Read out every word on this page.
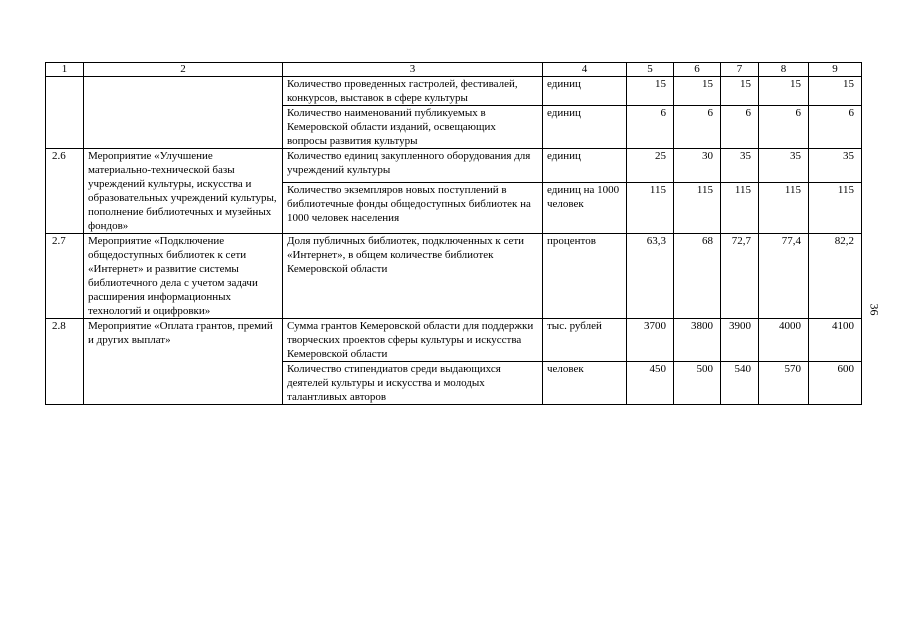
1	2	3	4	5	6	7	8	9
		Количество проведенных гастролей, фестивалей, конкурсов, выставок в сфере культуры	единиц	15	15	15	15	15
		Количество наименований публикуемых в Кемеровской области изданий, освещающих вопросы развития культуры	единиц	6	6	6	6	6
2.6	Мероприятие «Улучшение материально-технической базы учреждений культуры, искусства и образовательных учреждений культуры, пополнение библиотечных и музейных фондов»	Количество единиц закупленного оборудования для учреждений культуры	единиц	25	30	35	35	35
		Количество экземпляров новых поступлений в библиотечные фонды общедоступных библиотек на 1000 человек населения	единиц на 1000 человек	115	115	115	115	115
2.7	Мероприятие «Подключение общедоступных библиотек к сети «Интернет» и развитие системы библиотечного дела с учетом задачи расширения информационных технологий и оцифровки»	Доля публичных библиотек, подключенных к сети «Интернет», в общем количестве библиотек Кемеровской области	процентов	63,3	68	72,7	77,4	82,2
2.8	Мероприятие «Оплата грантов, премий и других выплат»	Сумма грантов Кемеровской области для поддержки творческих проектов сферы культуры и искусства Кемеровской области	тыс. рублей	3700	3800	3900	4000	4100
		Количество стипендиатов среди выдающихся деятелей культуры и искусства и молодых талантливых авторов	человек	450	500	540	570	600
36
